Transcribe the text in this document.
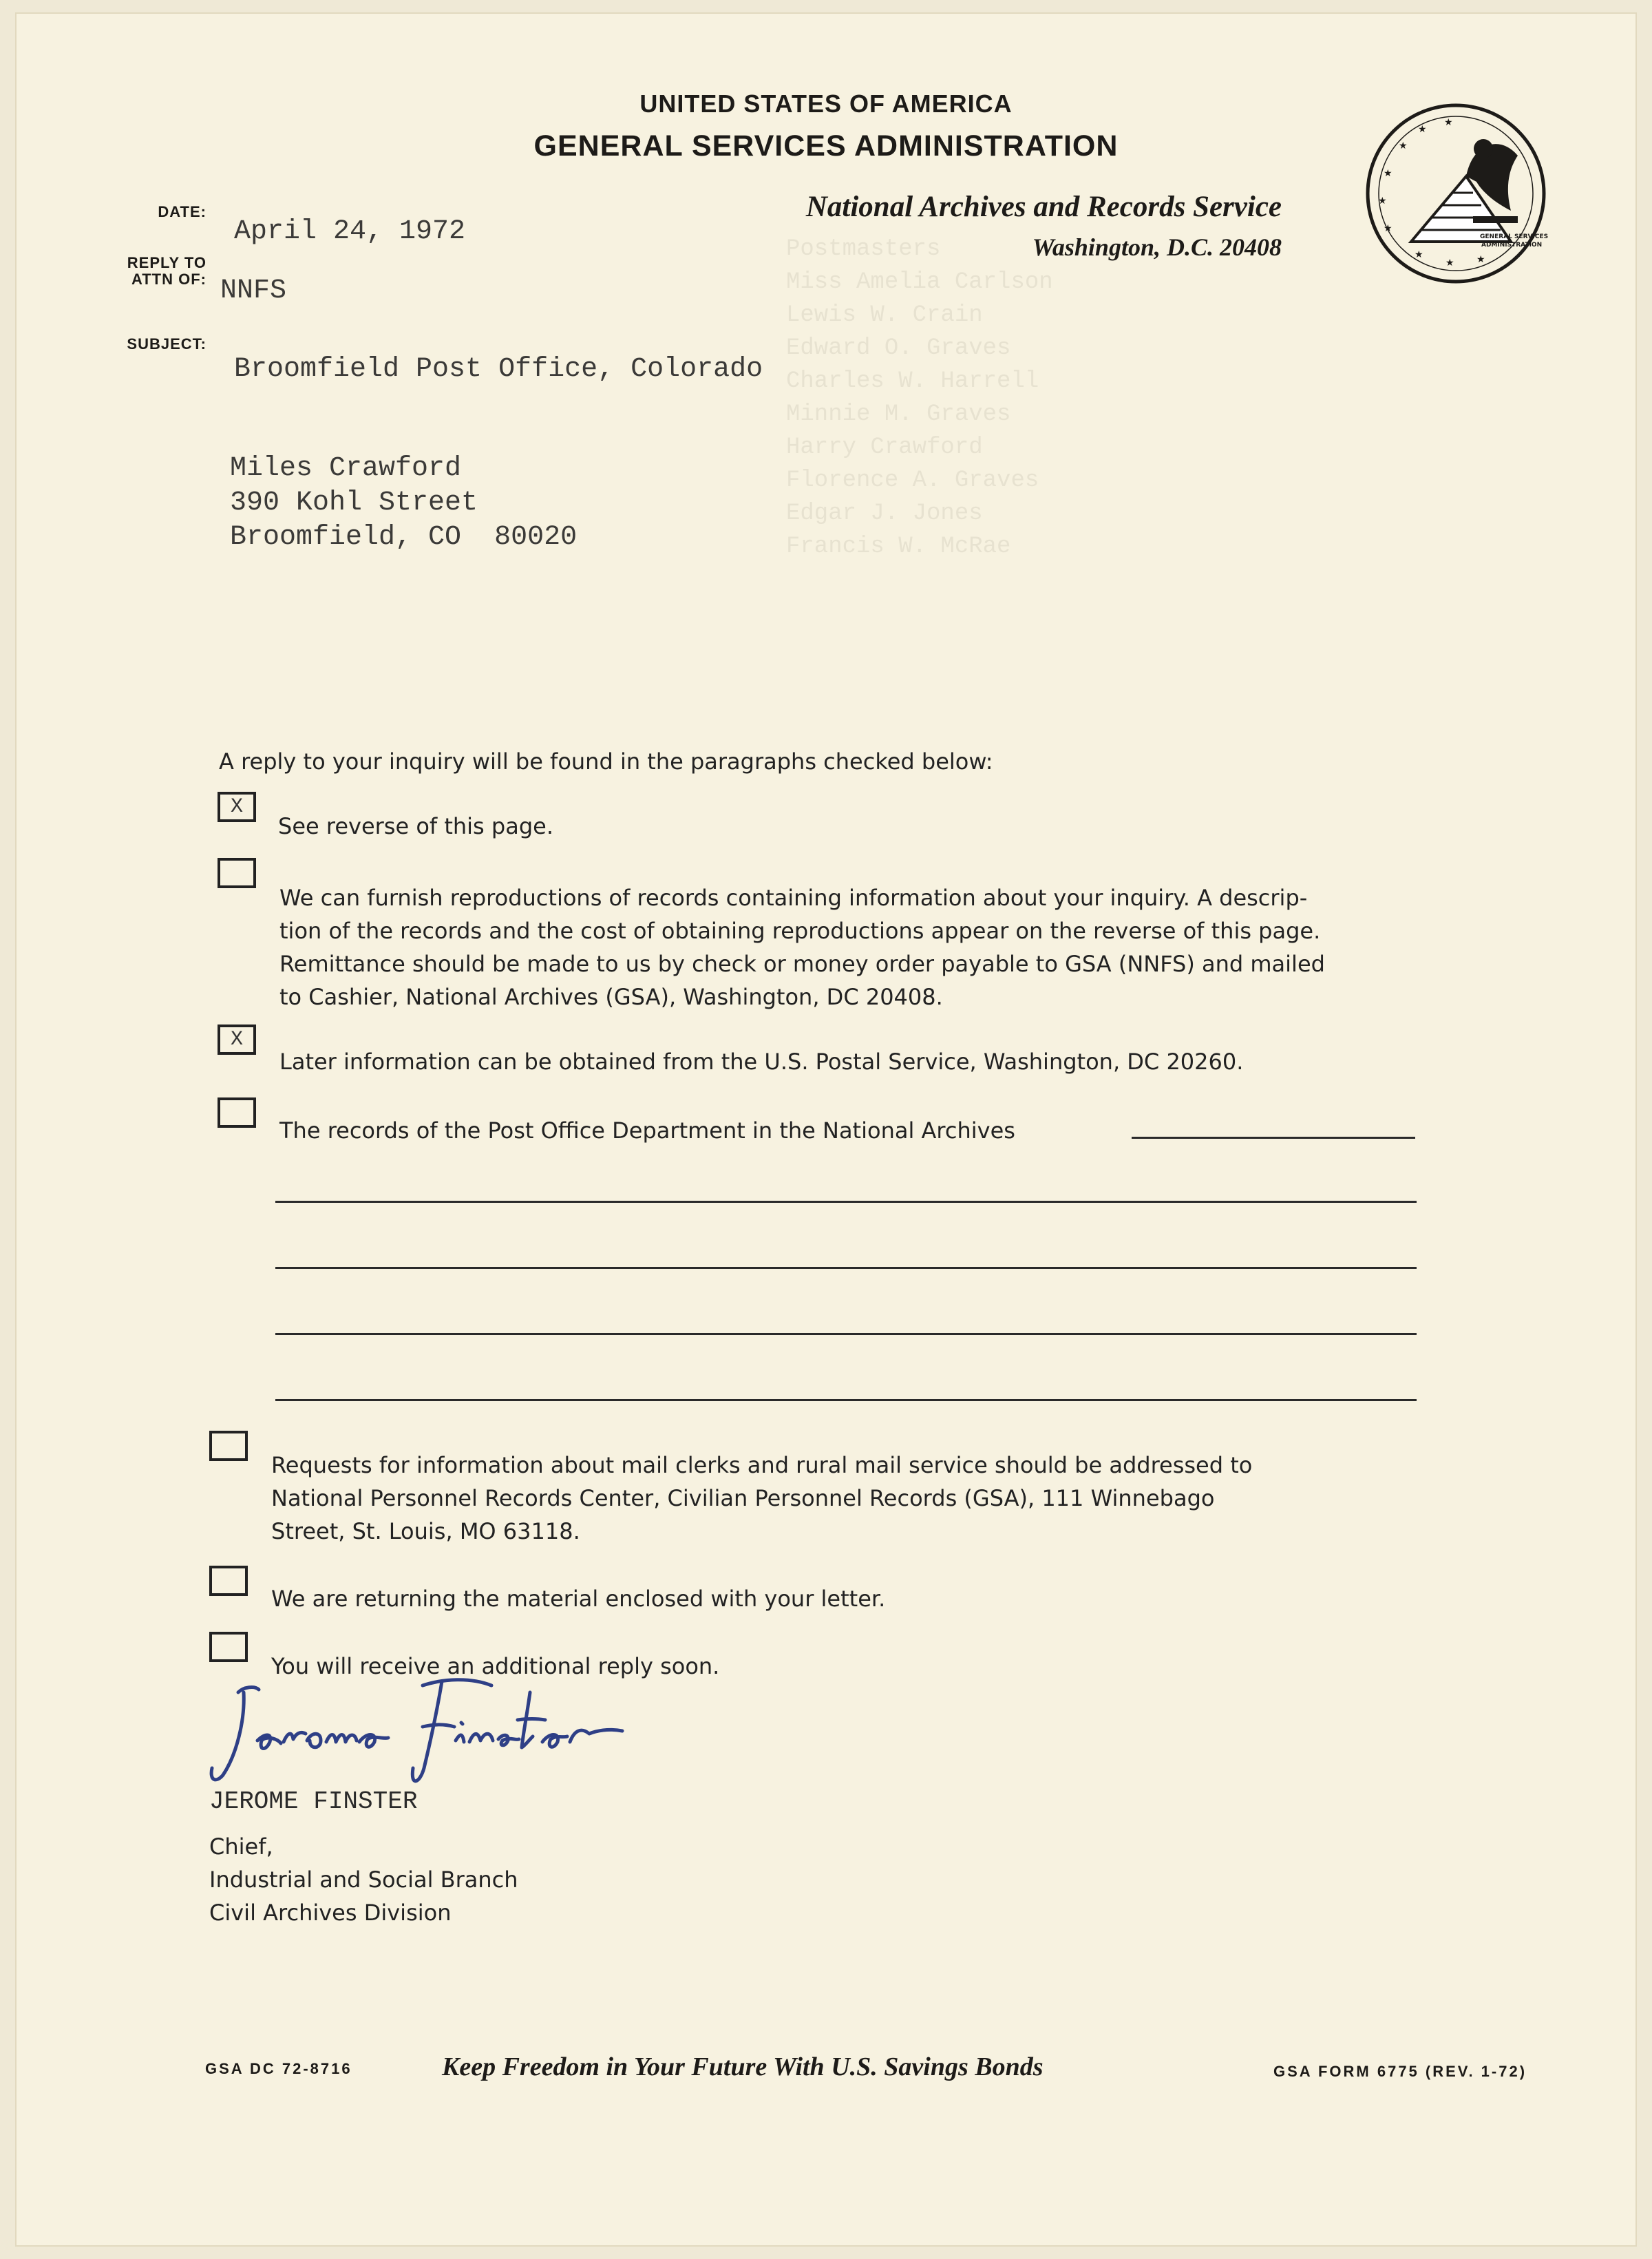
Postmasters
Miss Amelia Carlson
Lewis W. Crain
Edward O. Graves
Charles W. Harrell
Minnie M. Graves
Harry Crawford
Florence A. Graves
Edgar J. Jones
Francis W. McRae
UNITED STATES OF AMERICA
GENERAL SERVICES ADMINISTRATION
National Archives and Records Service
Washington, D.C. 20408
★
★
★
★
★
★
★
★ ★
GENERAL SERVICES
ADMINISTRATION
DATE:
April 24, 1972
REPLY TO
ATTN OF: NNFS
SUBJECT:
Broomfield Post Office, Colorado
Miles Crawford
390 Kohl Street
Broomfield, CO  80020
A reply to your inquiry will be found in the paragraphs checked below:
X
See reverse of this page.
We can furnish reproductions of records containing information about your inquiry. A descrip-
tion of the records and the cost of obtaining reproductions appear on the reverse of this page.
Remittance should be made to us by check or money order payable to GSA (NNFS) and mailed
to Cashier, National Archives (GSA), Washington, DC 20408.
X
Later information can be obtained from the U.S. Postal Service, Washington, DC 20260.
The records of the Post Office Department in the National Archives
Requests for information about mail clerks and rural mail service should be addressed to
National Personnel Records Center, Civilian Personnel Records (GSA), 111 Winnebago
Street, St. Louis, MO 63118.
We are returning the material enclosed with your letter.
You will receive an additional reply soon.
JEROME FINSTER
Chief,
Industrial and Social Branch
Civil Archives Division
GSA DC 72-8716	Keep Freedom in Your Future With U.S. Savings Bonds	GSA FORM 6775 (REV. 1-72)
